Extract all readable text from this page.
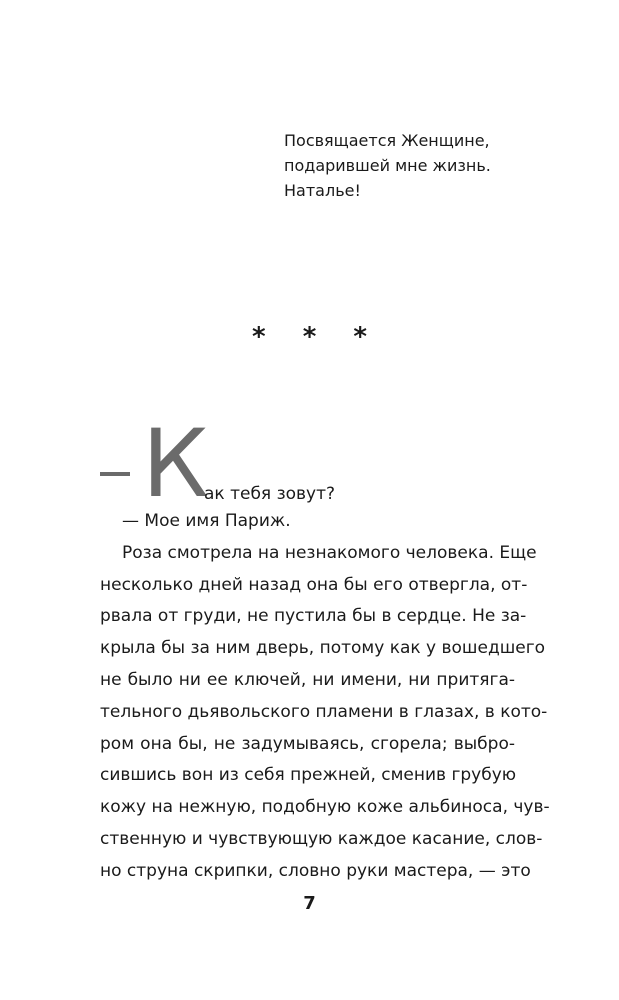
Посвящается Женщине,
подарившей мне жизнь.
Наталье!
* * *
К
ак тебя зовут?
— Мое имя Париж.
Роза смотрела на незнакомого человека. Еще
несколько дней назад она бы его отвергла, от-
рвала от груди, не пустила бы в сердце. Не за-
крыла бы за ним дверь, потому как у вошедшего
не было ни ее ключей, ни имени, ни притяга-
тельного дьявольского пламени в глазах, в кото-
ром она бы, не задумываясь, сгорела; выбро-
сившись вон из себя прежней, сменив грубую
кожу на нежную, подобную коже альбиноса, чув-
ственную и чувствующую каждое касание, слов-
но струна скрипки, словно руки мастера, — это
7
